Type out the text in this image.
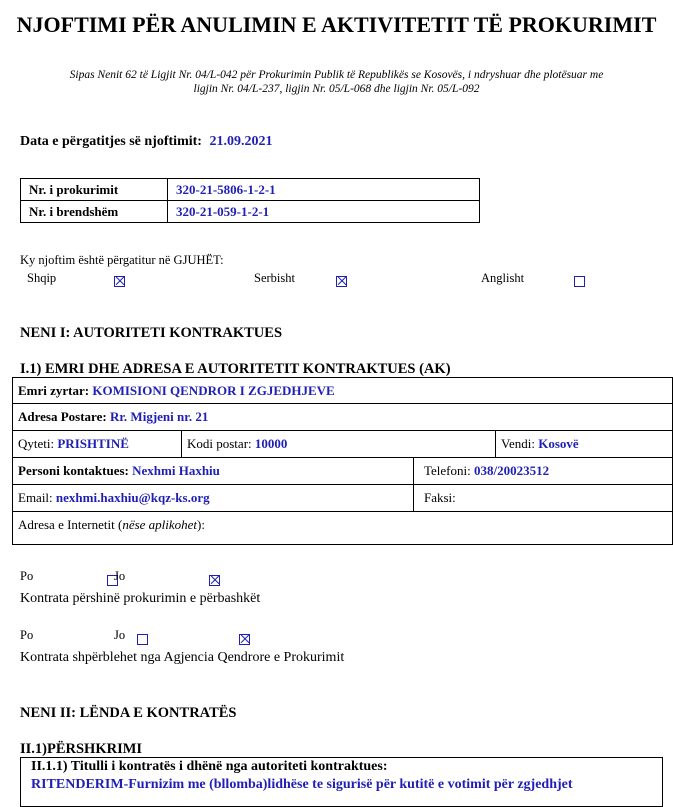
NJOFTIMI PËR ANULIMIN E AKTIVITETIT TË PROKURIMIT
Sipas Nenit 62 të Ligjit Nr. 04/L-042 për Prokurimin Publik të Republikës se Kosovës, i ndryshuar dhe plotësuar me
ligjin Nr. 04/L-237, ligjin Nr. 05/L-068 dhe ligjin Nr. 05/L-092
Data e përgatitjes së njoftimit: 21.09.2021
Nr. i prokurimit	320-21-5806-1-2-1
Nr. i brendshëm	320-21-059-1-2-1
Ky njoftim është përgatitur në GJUHËT:
Shqip
	Serbisht
	Anglisht

NENI I: AUTORITETI KONTRAKTUES
I.1) EMRI DHE ADRESA E AUTORITETIT KONTRAKTUES (AK)
Emri zyrtar: KOMISIONI QENDROR I ZGJEDHJEVE
Adresa Postare: Rr. Migjeni nr. 21
Qyteti: PRISHTINË	Kodi postar: 10000	Vendi: Kosovë
Personi kontaktues: Nexhmi Haxhiu	Telefoni: 038/20023512
Email: nexhmi.haxhiu@kqz-ks.org	Faksi:
Adresa e Internetit (nëse aplikohet):
Po
	Jo

Kontrata përshinë prokurimin e përbashkët
Po
	Jo
Kontrata shpërblehet nga Agjencia Qendrore e Prokurimit
NENI II: LËNDA E KONTRATËS
II.1)PËRSHKRIMI
II.1.1) Titulli i kontratës i dhënë nga autoriteti kontraktues:
RITENDERIM-Furnizim me (bllomba)lidhëse te sigurisë për kutitë e votimit për zgjedhjet
